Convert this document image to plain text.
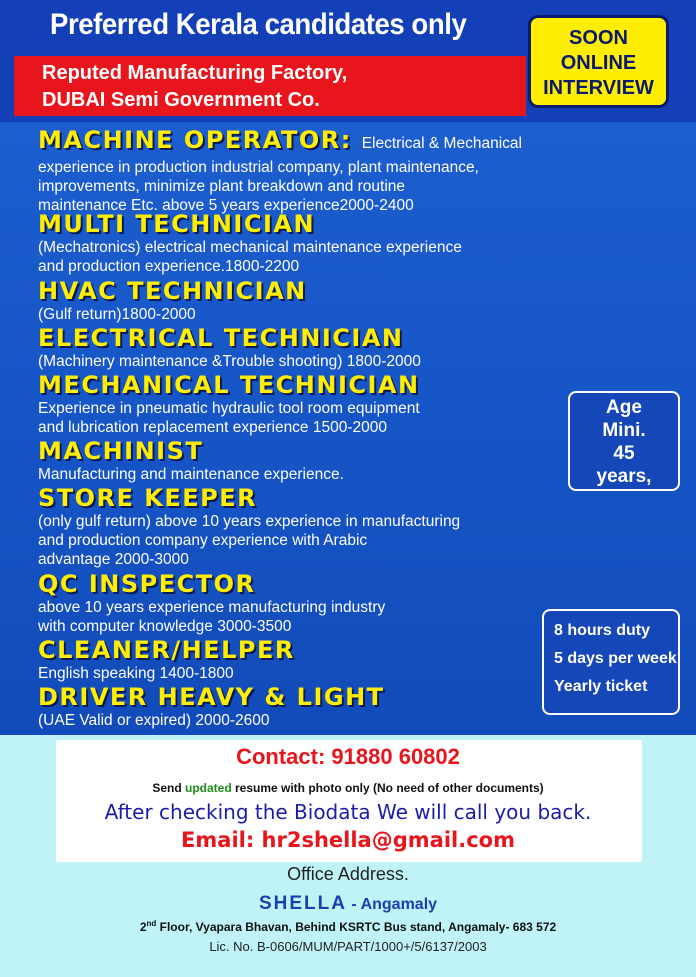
Preferred Kerala candidates only
Reputed Manufacturing Factory,
DUBAI Semi Government Co.
SOON
ONLINE
INTERVIEW
MACHINE OPERATOR: Electrical & Mechanical
experience in production industrial company, plant maintenance,
improvements, minimize plant breakdown and routine
maintenance Etc. above 5 years experience2000-2400
MULTI TECHNICIAN
(Mechatronics) electrical mechanical maintenance experience
and production experience.1800-2200
HVAC TECHNICIAN
(Gulf return)1800-2000
ELECTRICAL TECHNICIAN
(Machinery maintenance &Trouble shooting) 1800-2000
MECHANICAL TECHNICIAN
Experience in pneumatic hydraulic tool room equipment
and lubrication replacement experience 1500-2000
MACHINIST
Manufacturing and maintenance experience.
STORE KEEPER
(only gulf return) above 10 years experience in manufacturing
and production company experience with Arabic
advantage 2000-3000
QC INSPECTOR
above 10 years experience manufacturing industry
with computer knowledge 3000-3500
CLEANER/HELPER
English speaking 1400-1800
DRIVER HEAVY & LIGHT
(UAE Valid or expired) 2000-2600
Age
Mini.
45
years,
8 hours duty
5 days per week
Yearly ticket
Contact: 91880 60802
Send updated resume with photo only (No need of other documents)
After checking the Biodata We will call you back.
Email: hr2shella@gmail.com
Office Address.
SHELLA - Angamaly
2nd Floor, Vyapara Bhavan, Behind KSRTC Bus stand, Angamaly- 683 572
Lic. No. B-0606/MUM/PART/1000+/5/6137/2003
